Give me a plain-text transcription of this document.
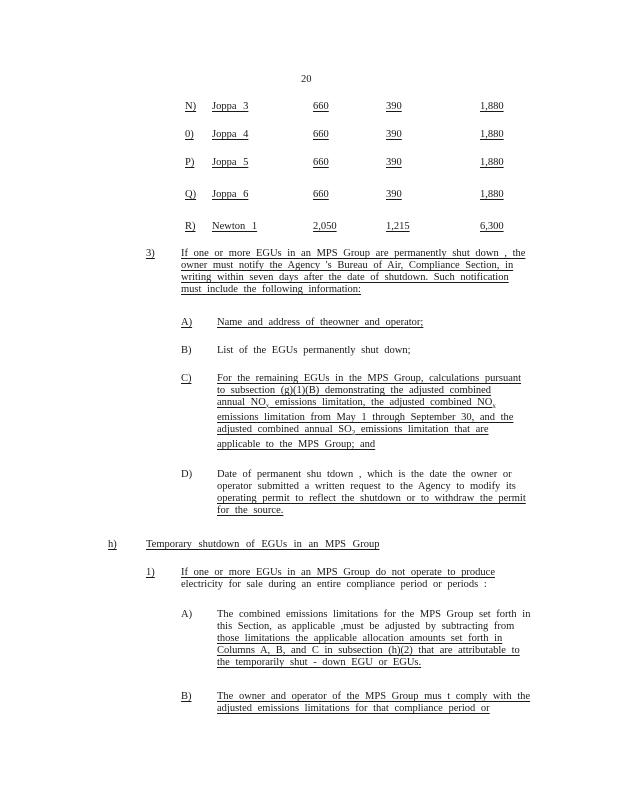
20
N) Joppa 3	660	390	1,880
0) Joppa 4	660	390	1,880
P) Joppa 5	660	390	1,880
Q) Joppa 6	660	390	1,880
R) Newton 1	2,050	1,215	6,300
3)	If one or more EGUs in an MPS Group are permanently shut down , the
owner must notify the Agency 's Bureau of Air, Compliance Section, in
writing within seven days after the date of shutdown. Such notification
must include the following information:
A) Name and address of theowner and operator;
B) List of the EGUs permanently shut down;
C) For the remaining EGUs in the MPS Group, calculations pursuant
to subsection (g)(1)(B) demonstrating the adjusted combined
annual $NO_x$ emissions limitation, the adjusted combined $NO_x$
emissions limitation from May 1 through September 30, and the
adjusted combined annual $SO_2$ emissions limitation that are
applicable to the MPS Group; and
D) Date of permanent shu tdown , which is the date the owner or
operator submitted a written request to the Agency to modify its
operating permit to reflect the shutdown or to withdraw the permit
for the source.
h)	Temporary shutdown of EGUs in an MPS Group
1)	If one or more EGUs in an MPS Group do not operate to produce
electricity for sale during an entire compliance period or periods :
A) The combined emissions limitations for the MPS Group set forth in
this Section, as applicable ,must be adjusted by subtracting from
those limitations the applicable allocation amounts set forth in
Columns A, B, and C in subsection (h)(2) that are attributable to
the temporarily shut - down EGU or EGUs.
B) The owner and operator of the MPS Group mus t comply with the
adjusted emissions limitations for that compliance period or
